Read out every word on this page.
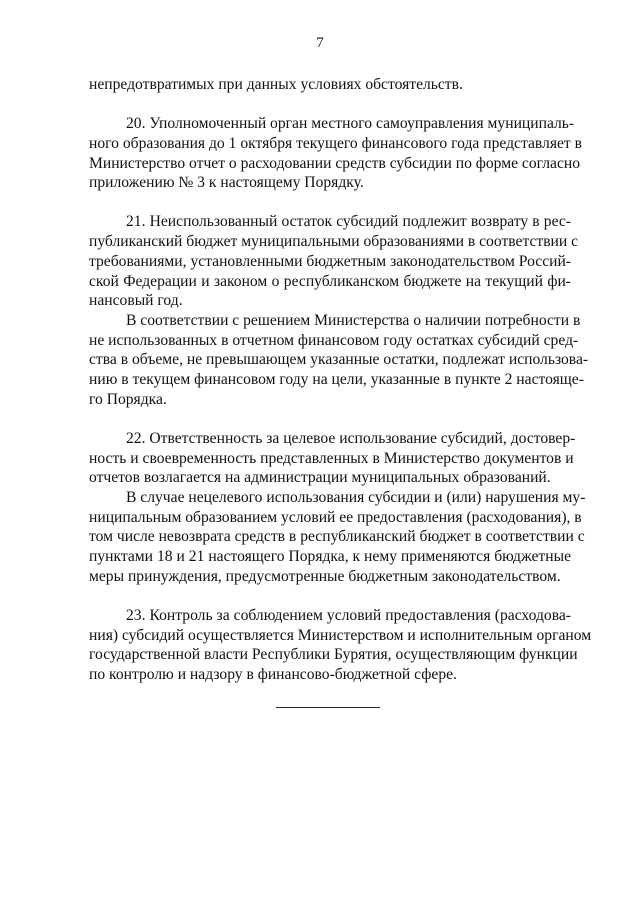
7
непредотвратимых при данных условиях обстоятельств.
20. Уполномоченный орган местного самоуправления муниципаль-
ного образования до 1 октября текущего финансового года представляет в
Министерство отчет о расходовании средств субсидии по форме согласно
приложению № 3 к настоящему Порядку.
21. Неиспользованный остаток субсидий подлежит возврату в рес-
публиканский бюджет муниципальными образованиями в соответствии с
требованиями, установленными бюджетным законодательством Россий-
ской Федерации и законом о республиканском бюджете на текущий фи-
нансовый год.
В соответствии с решением Министерства о наличии потребности в
не использованных в отчетном финансовом году остатках субсидий сред-
ства в объеме, не превышающем указанные остатки, подлежат использова-
нию в текущем финансовом году на цели, указанные в пункте 2 настояще-
го Порядка.
22. Ответственность за целевое использование субсидий, достовер-
ность и своевременность представленных в Министерство документов и
отчетов возлагается на администрации муниципальных образований.
В случае нецелевого использования субсидии и (или) нарушения му-
ниципальным образованием условий ее предоставления (расходования), в
том числе невозврата средств в республиканский бюджет в соответствии с
пунктами 18 и 21 настоящего Порядка, к нему применяются бюджетные
меры принуждения, предусмотренные бюджетным законодательством.
23. Контроль за соблюдением условий предоставления (расходова-
ния) субсидий осуществляется Министерством и исполнительным органом
государственной власти Республики Бурятия, осуществляющим функции
по контролю и надзору в финансово-бюджетной сфере.
